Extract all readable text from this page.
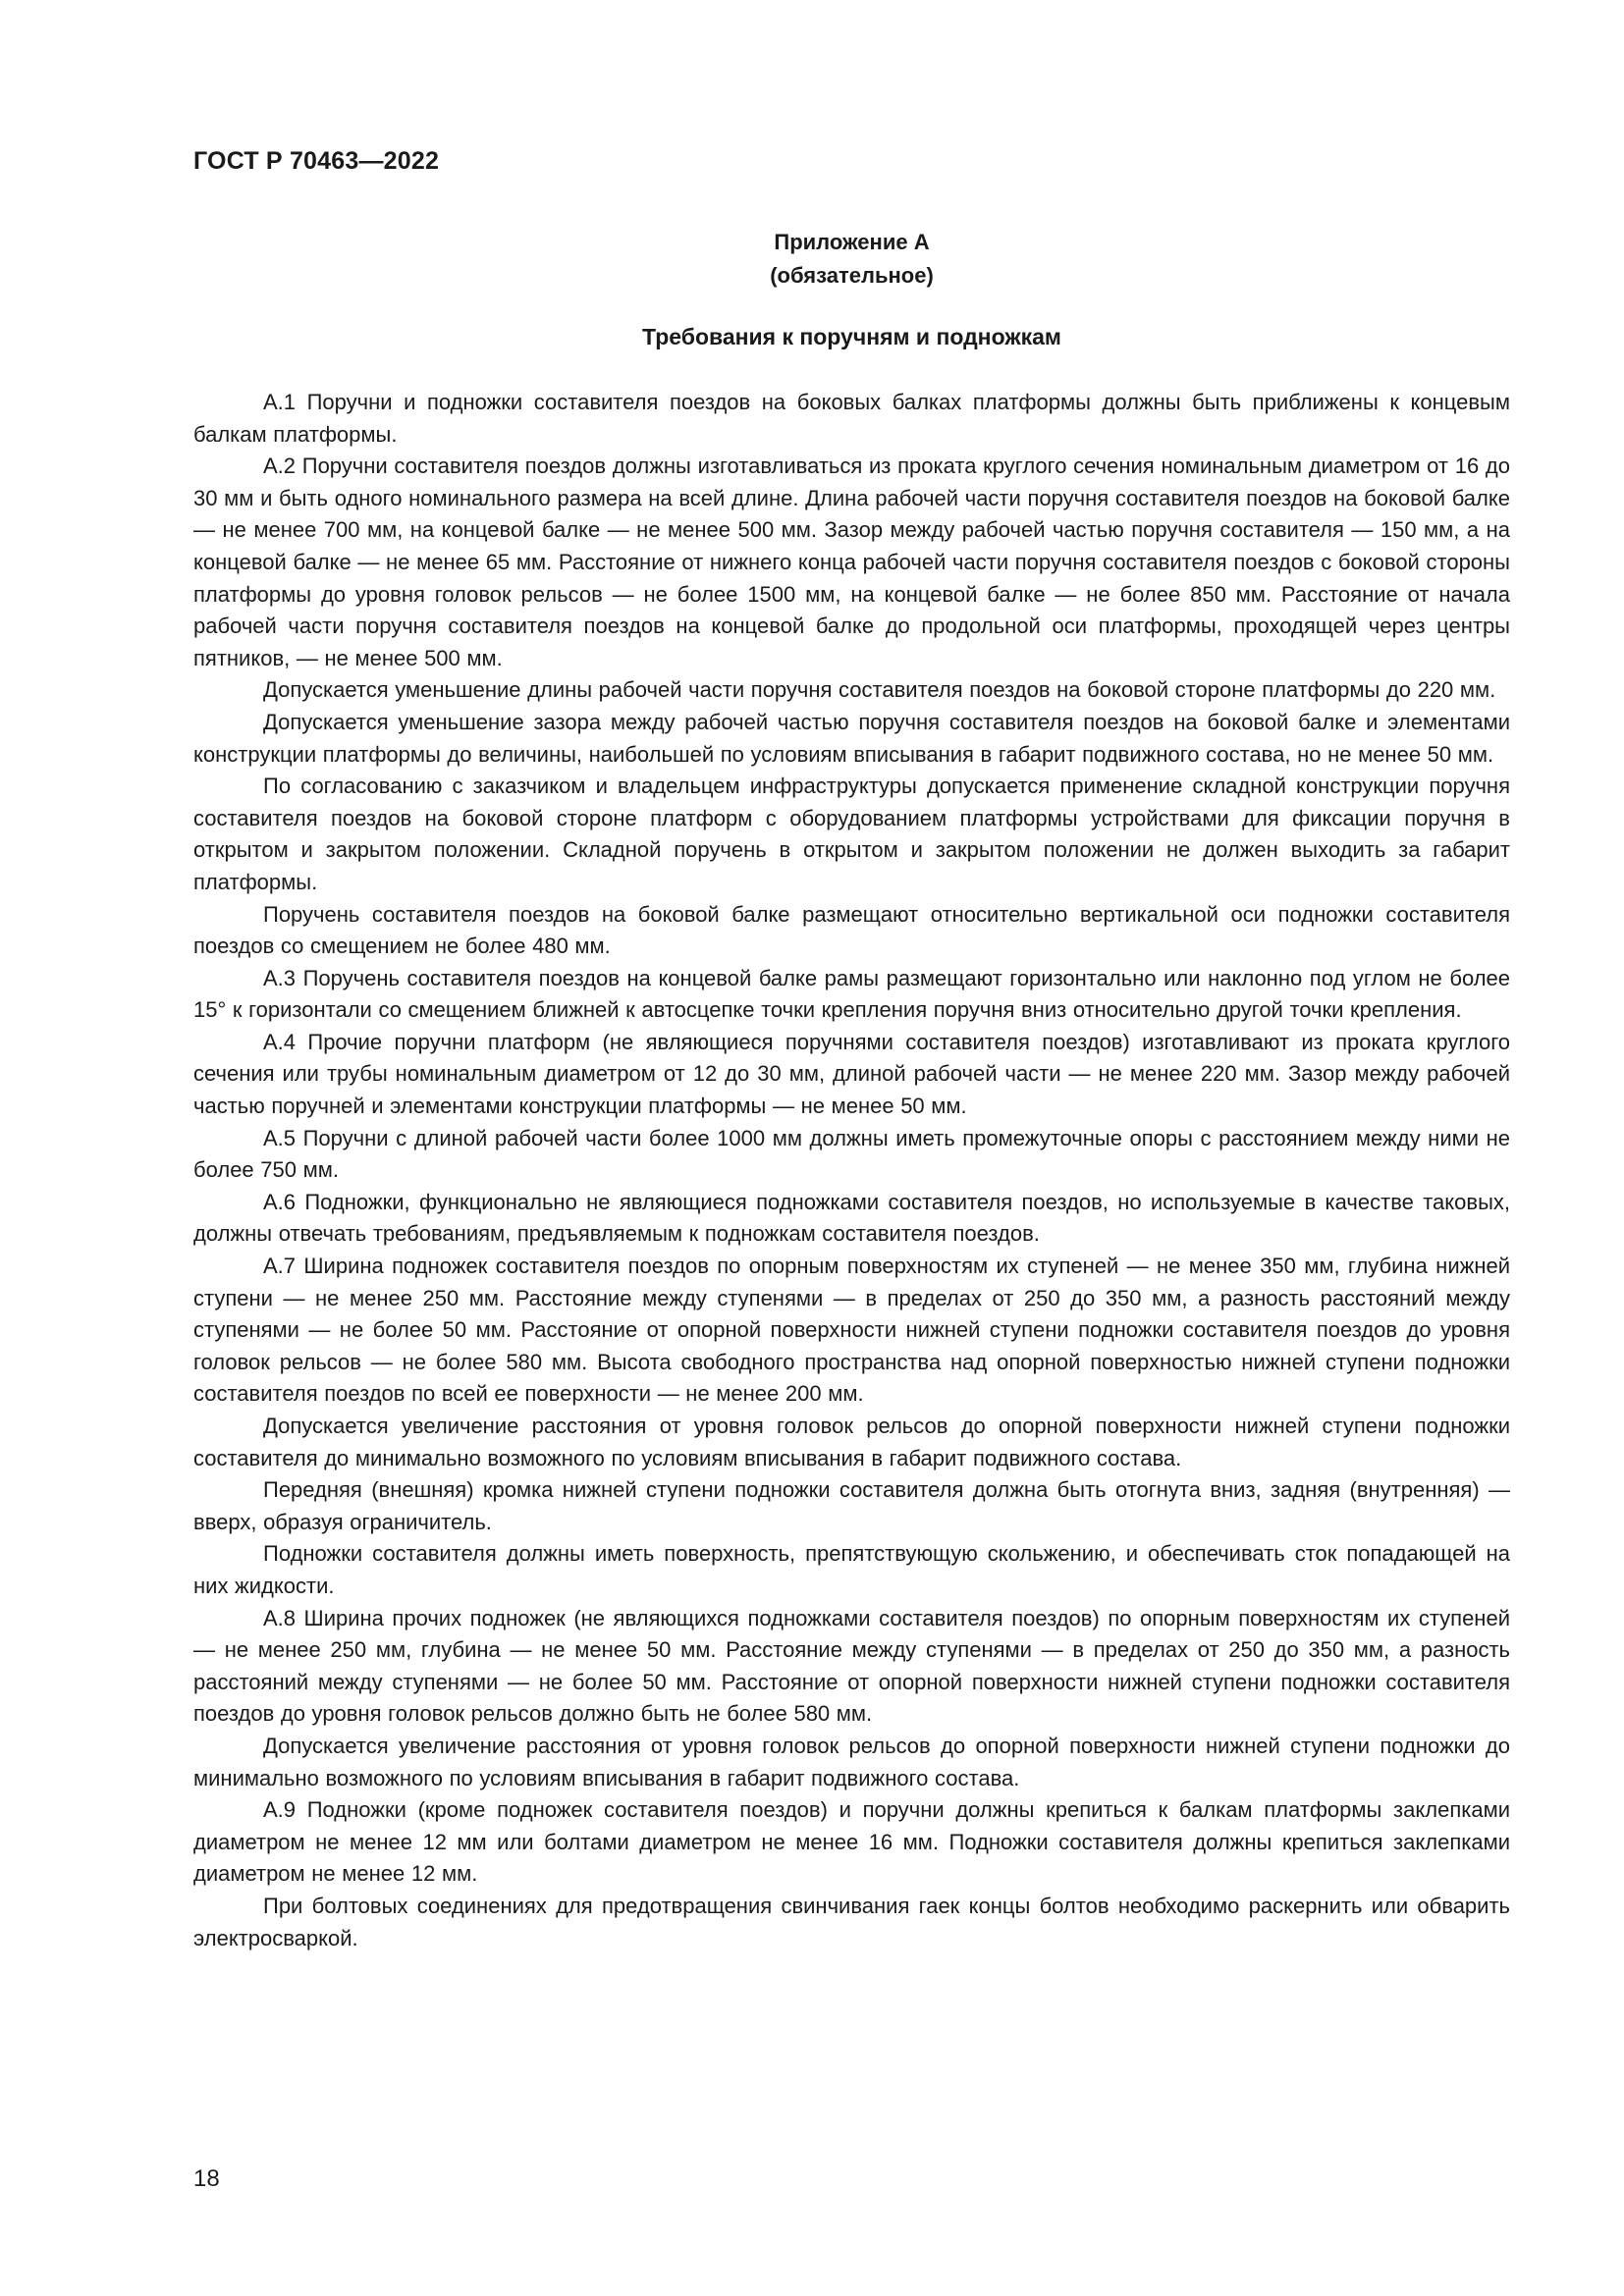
ГОСТ Р 70463—2022
Приложение А
(обязательное)
Требования к поручням и подножкам

А.1 Поручни и подножки составителя поездов на боковых балках платформы должны быть приближены к концевым балкам платформы.

А.2 Поручни составителя поездов должны изготавливаться из проката круглого сечения номинальным диаметром от 16 до 30 мм и быть одного номинального размера на всей длине. Длина рабочей части поручня составителя поездов на боковой балке — не менее 700 мм, на концевой балке — не менее 500 мм. Зазор между рабочей частью поручня составителя — 150 мм, а на концевой балке — не менее 65 мм. Расстояние от нижнего конца рабочей части поручня составителя поездов с боковой стороны платформы до уровня головок рельсов — не более 1500 мм, на концевой балке — не более 850 мм. Расстояние от начала рабочей части поручня составителя поездов на концевой балке до продольной оси платформы, проходящей через центры пятников, — не менее 500 мм.

Допускается уменьшение длины рабочей части поручня составителя поездов на боковой стороне платформы до 220 мм.

Допускается уменьшение зазора между рабочей частью поручня составителя поездов на боковой балке и элементами конструкции платформы до величины, наибольшей по условиям вписывания в габарит подвижного состава, но не менее 50 мм.

По согласованию с заказчиком и владельцем инфраструктуры допускается применение складной конструкции поручня составителя поездов на боковой стороне платформ с оборудованием платформы устройствами для фиксации поручня в открытом и закрытом положении. Складной поручень в открытом и закрытом положении не должен выходить за габарит платформы.

Поручень составителя поездов на боковой балке размещают относительно вертикальной оси подножки составителя поездов со смещением не более 480 мм.

А.3 Поручень составителя поездов на концевой балке рамы размещают горизонтально или наклонно под углом не более 15° к горизонтали со смещением ближней к автосцепке точки крепления поручня вниз относительно другой точки крепления.

А.4 Прочие поручни платформ (не являющиеся поручнями составителя поездов) изготавливают из проката круглого сечения или трубы номинальным диаметром от 12 до 30 мм, длиной рабочей части — не менее 220 мм. Зазор между рабочей частью поручней и элементами конструкции платформы — не менее 50 мм.

А.5 Поручни с длиной рабочей части более 1000 мм должны иметь промежуточные опоры с расстоянием между ними не более 750 мм.

А.6 Подножки, функционально не являющиеся подножками составителя поездов, но используемые в качестве таковых, должны отвечать требованиям, предъявляемым к подножкам составителя поездов.

А.7 Ширина подножек составителя поездов по опорным поверхностям их ступеней — не менее 350 мм, глубина нижней ступени — не менее 250 мм. Расстояние между ступенями — в пределах от 250 до 350 мм, а разность расстояний между ступенями — не более 50 мм. Расстояние от опорной поверхности нижней ступени подножки составителя поездов до уровня головок рельсов — не более 580 мм. Высота свободного пространства над опорной поверхностью нижней ступени подножки составителя поездов по всей ее поверхности — не менее 200 мм.

Допускается увеличение расстояния от уровня головок рельсов до опорной поверхности нижней ступени подножки составителя до минимально возможного по условиям вписывания в габарит подвижного состава.

Передняя (внешняя) кромка нижней ступени подножки составителя должна быть отогнута вниз, задняя (внутренняя) — вверх, образуя ограничитель.

Подножки составителя должны иметь поверхность, препятствующую скольжению, и обеспечивать сток попадающей на них жидкости.

А.8 Ширина прочих подножек (не являющихся подножками составителя поездов) по опорным поверхностям их ступеней — не менее 250 мм, глубина — не менее 50 мм. Расстояние между ступенями — в пределах от 250 до 350 мм, а разность расстояний между ступенями — не более 50 мм. Расстояние от опорной поверхности нижней ступени подножки составителя поездов до уровня головок рельсов должно быть не более 580 мм.

Допускается увеличение расстояния от уровня головок рельсов до опорной поверхности нижней ступени подножки до минимально возможного по условиям вписывания в габарит подвижного состава.

А.9 Подножки (кроме подножек составителя поездов) и поручни должны крепиться к балкам платформы заклепками диаметром не менее 12 мм или болтами диаметром не менее 16 мм. Подножки составителя должны крепиться заклепками диаметром не менее 12 мм.

При болтовых соединениях для предотвращения свинчивания гаек концы болтов необходимо раскернить или обварить электросваркой.

18
